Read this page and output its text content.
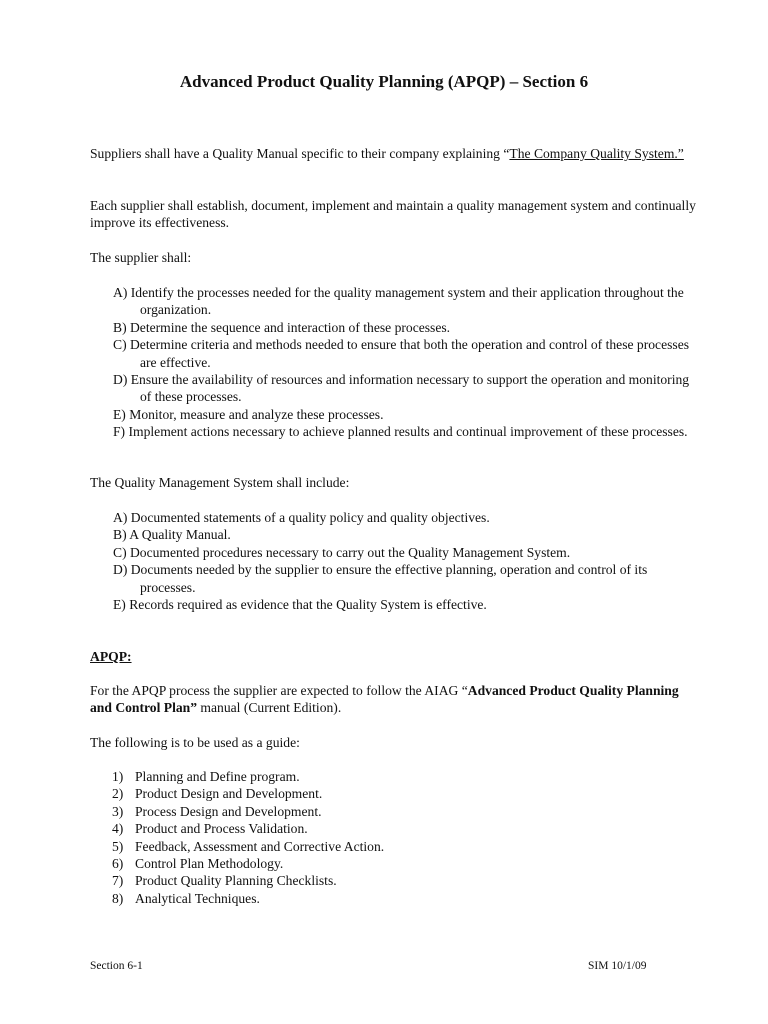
Advanced Product Quality Planning (APQP) – Section 6

Suppliers shall have a Quality Manual specific to their company explaining “The Company Quality System.”

Each supplier shall establish, document, implement and maintain a quality management system and continually improve its effectiveness.

The supplier shall:
A) Identify the processes needed for the quality management system and their application throughout the organization.
B) Determine the sequence and interaction of these processes.
C) Determine criteria and methods needed to ensure that both the operation and control of these processes are effective.
D) Ensure the availability of resources and information necessary to support the operation and monitoring of these processes.
E) Monitor, measure and analyze these processes.
F) Implement actions necessary to achieve planned results and continual improvement of these processes.
The Quality Management System shall include:
A) Documented statements of a quality policy and quality objectives.
B) A Quality Manual.
C) Documented procedures necessary to carry out the Quality Management System.
D) Documents needed by the supplier to ensure the effective planning, operation and control of its processes.
E) Records required as evidence that the Quality System is effective.
APQP:

For the APQP process the supplier are expected to follow the AIAG “Advanced Product Quality Planning and Control Plan” manual (Current Edition).

The following is to be used as a guide:
1) Planning and Define program.
2) Product Design and Development.
3) Process Design and Development.
4) Product and Process Validation.
5) Feedback, Assessment and Corrective Action.
6) Control Plan Methodology.
7) Product Quality Planning Checklists.
8) Analytical Techniques.
Section 6-1	SIM 10/1/09
